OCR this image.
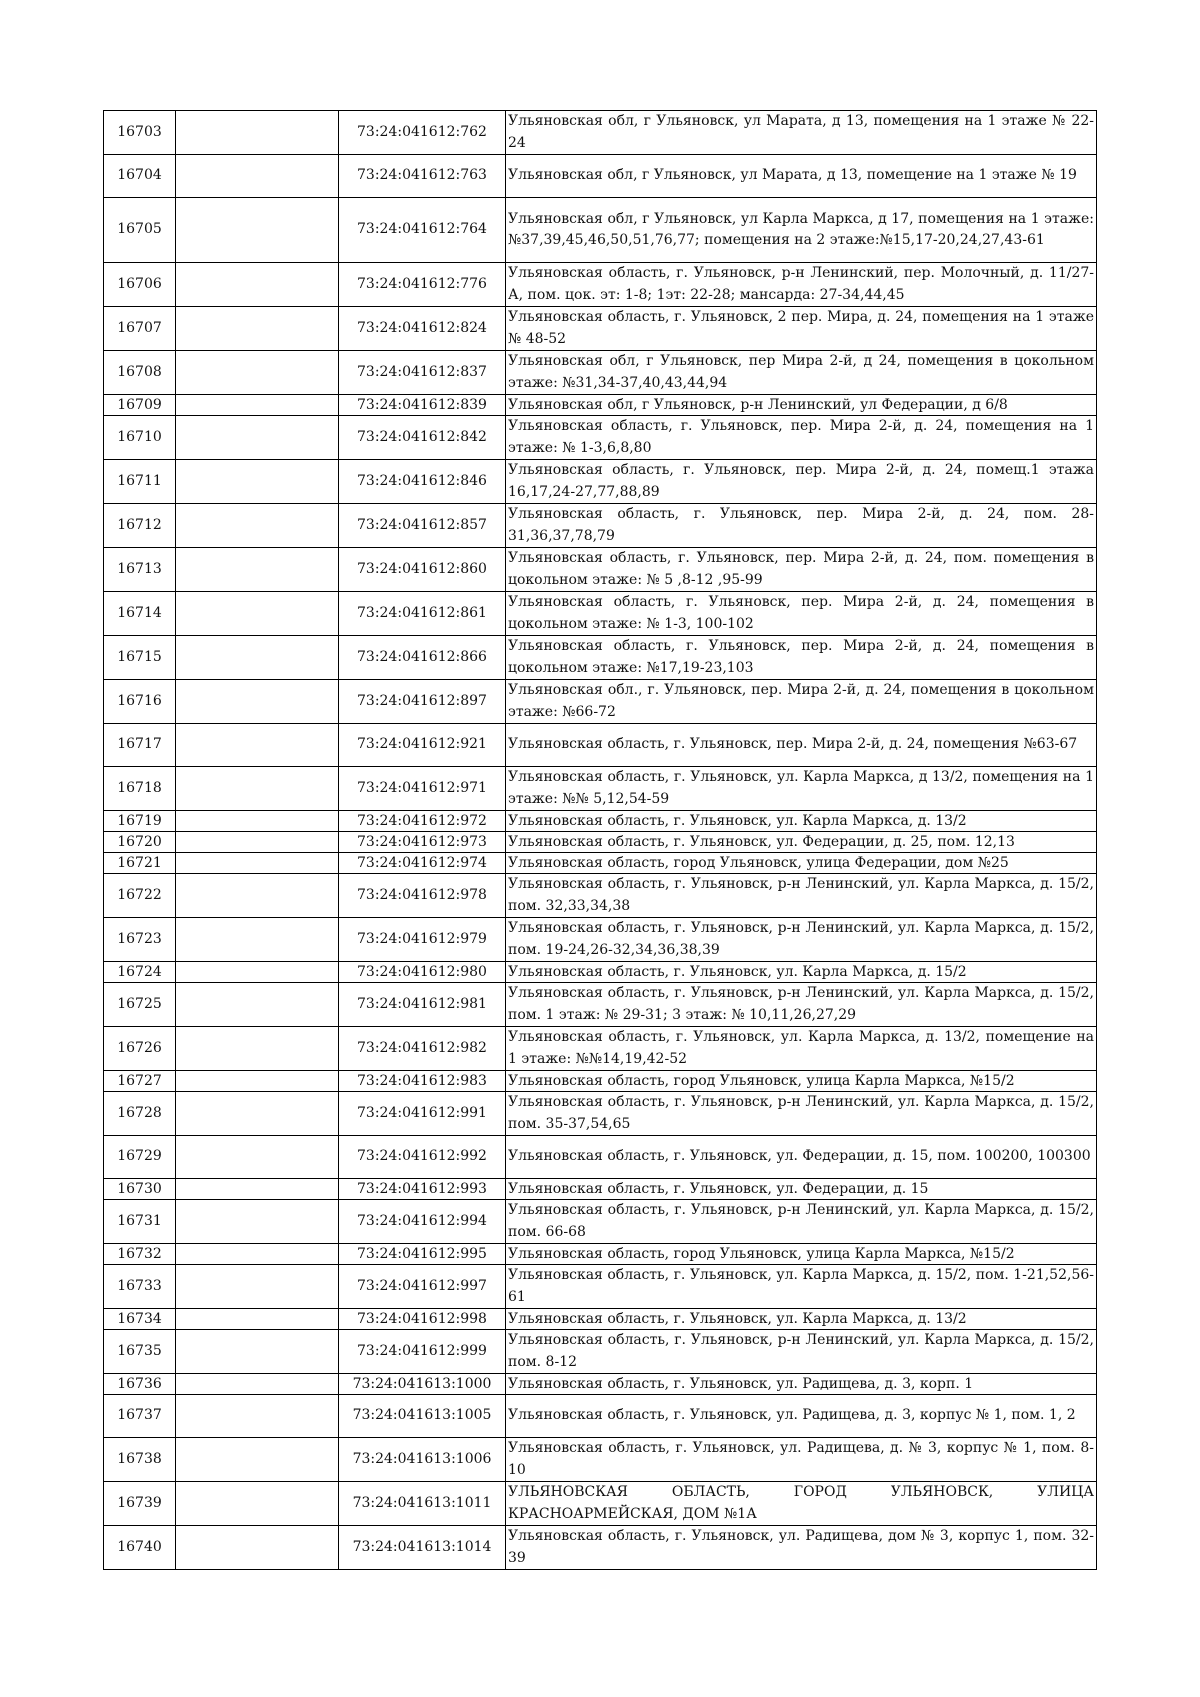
16703		73:24:041612:762	Ульяновская обл, г Ульяновск, ул Марата, д 13, помещения на 1 этаже № 22-24
16704		73:24:041612:763	Ульяновская обл, г Ульяновск, ул Марата, д 13, помещение на 1 этаже № 19
16705		73:24:041612:764	Ульяновская обл, г Ульяновск, ул Карла Маркса, д 17, помещения на 1 этаже:№37,39,45,46,50,51,76,77; помещения на 2 этаже:№15,17-20,24,27,43-61
16706		73:24:041612:776	Ульяновская область, г. Ульяновск, р-н Ленинский, пер. Молочный, д. 11/27-А, пом. цок. эт: 1-8; 1эт: 22-28; мансарда: 27-34,44,45
16707		73:24:041612:824	Ульяновская область, г. Ульяновск, 2 пер. Мира, д. 24, помещения на 1 этаже № 48-52
16708		73:24:041612:837	Ульяновская обл, г Ульяновск, пер Мира 2-й, д 24, помещения в цокольном этаже: №31,34-37,40,43,44,94
16709		73:24:041612:839	Ульяновская обл, г Ульяновск, р-н Ленинский, ул Федерации, д 6/8
16710		73:24:041612:842	Ульяновская область, г. Ульяновск, пер. Мира 2-й, д. 24, помещения на 1 этаже: № 1-3,6,8,80
16711		73:24:041612:846	Ульяновская область, г. Ульяновск, пер. Мира 2-й, д. 24, помещ.1 этажа 16,17,24-27,77,88,89
16712		73:24:041612:857	Ульяновская область, г. Ульяновск, пер. Мира 2-й, д. 24, пом. 28-31,36,37,78,79
16713		73:24:041612:860	Ульяновская область, г. Ульяновск, пер. Мира 2-й, д. 24, пом. помещения в цокольном этаже: № 5 ,8-12 ,95-99
16714		73:24:041612:861	Ульяновская область, г. Ульяновск, пер. Мира 2-й, д. 24, помещения в цокольном этаже: № 1-3, 100-102
16715		73:24:041612:866	Ульяновская область, г. Ульяновск, пер. Мира 2-й, д. 24, помещения в цокольном этаже: №17,19-23,103
16716		73:24:041612:897	Ульяновская обл., г. Ульяновск, пер. Мира 2-й, д. 24, помещения в цокольном этаже: №66-72
16717		73:24:041612:921	Ульяновская область, г. Ульяновск, пер. Мира 2-й, д. 24, помещения №63-67
16718		73:24:041612:971	Ульяновская область, г. Ульяновск, ул. Карла Маркса, д 13/2, помещения на 1 этаже: №№ 5,12,54-59
16719		73:24:041612:972	Ульяновская область, г. Ульяновск, ул. Карла Маркса, д. 13/2
16720		73:24:041612:973	Ульяновская область, г. Ульяновск, ул. Федерации, д. 25, пом. 12,13
16721		73:24:041612:974	Ульяновская область, город Ульяновск, улица Федерации, дом №25
16722		73:24:041612:978	Ульяновская область, г. Ульяновск, р-н Ленинский, ул. Карла Маркса, д. 15/2, пом. 32,33,34,38
16723		73:24:041612:979	Ульяновская область, г. Ульяновск, р-н Ленинский, ул. Карла Маркса, д. 15/2, пом. 19-24,26-32,34,36,38,39
16724		73:24:041612:980	Ульяновская область, г. Ульяновск, ул. Карла Маркса, д. 15/2
16725		73:24:041612:981	Ульяновская область, г. Ульяновск, р-н Ленинский, ул. Карла Маркса, д. 15/2, пом. 1 этаж: № 29-31; 3 этаж: № 10,11,26,27,29
16726		73:24:041612:982	Ульяновская область, г. Ульяновск, ул. Карла Маркса, д. 13/2, помещение на 1 этаже: №№14,19,42-52
16727		73:24:041612:983	Ульяновская область, город Ульяновск, улица Карла Маркса, №15/2
16728		73:24:041612:991	Ульяновская область, г. Ульяновск, р-н Ленинский, ул. Карла Маркса, д. 15/2, пом. 35-37,54,65
16729		73:24:041612:992	Ульяновская область, г. Ульяновск, ул. Федерации, д. 15, пом. 100200, 100300
16730		73:24:041612:993	Ульяновская область, г. Ульяновск, ул. Федерации, д. 15
16731		73:24:041612:994	Ульяновская область, г. Ульяновск, р-н Ленинский, ул. Карла Маркса, д. 15/2, пом. 66-68
16732		73:24:041612:995	Ульяновская область, город Ульяновск, улица Карла Маркса, №15/2
16733		73:24:041612:997	Ульяновская область, г. Ульяновск, ул. Карла Маркса, д. 15/2, пом. 1-21,52,56-61
16734		73:24:041612:998	Ульяновская область, г. Ульяновск, ул. Карла Маркса, д. 13/2
16735		73:24:041612:999	Ульяновская область, г. Ульяновск, р-н Ленинский, ул. Карла Маркса, д. 15/2, пом. 8-12
16736		73:24:041613:1000	Ульяновская область, г. Ульяновск, ул. Радищева, д. 3, корп. 1
16737		73:24:041613:1005	Ульяновская область, г. Ульяновск, ул. Радищева, д. 3, корпус № 1, пом. 1, 2
16738		73:24:041613:1006	Ульяновская область, г. Ульяновск, ул. Радищева, д. № 3, корпус № 1, пом. 8-10
16739		73:24:041613:1011	УЛЬЯНОВСКАЯ ОБЛАСТЬ, ГОРОД УЛЬЯНОВСК, УЛИЦА КРАСНОАРМЕЙСКАЯ, ДОМ №1А
16740		73:24:041613:1014	Ульяновская область, г. Ульяновск, ул. Радищева, дом № 3, корпус 1, пом. 32-39
